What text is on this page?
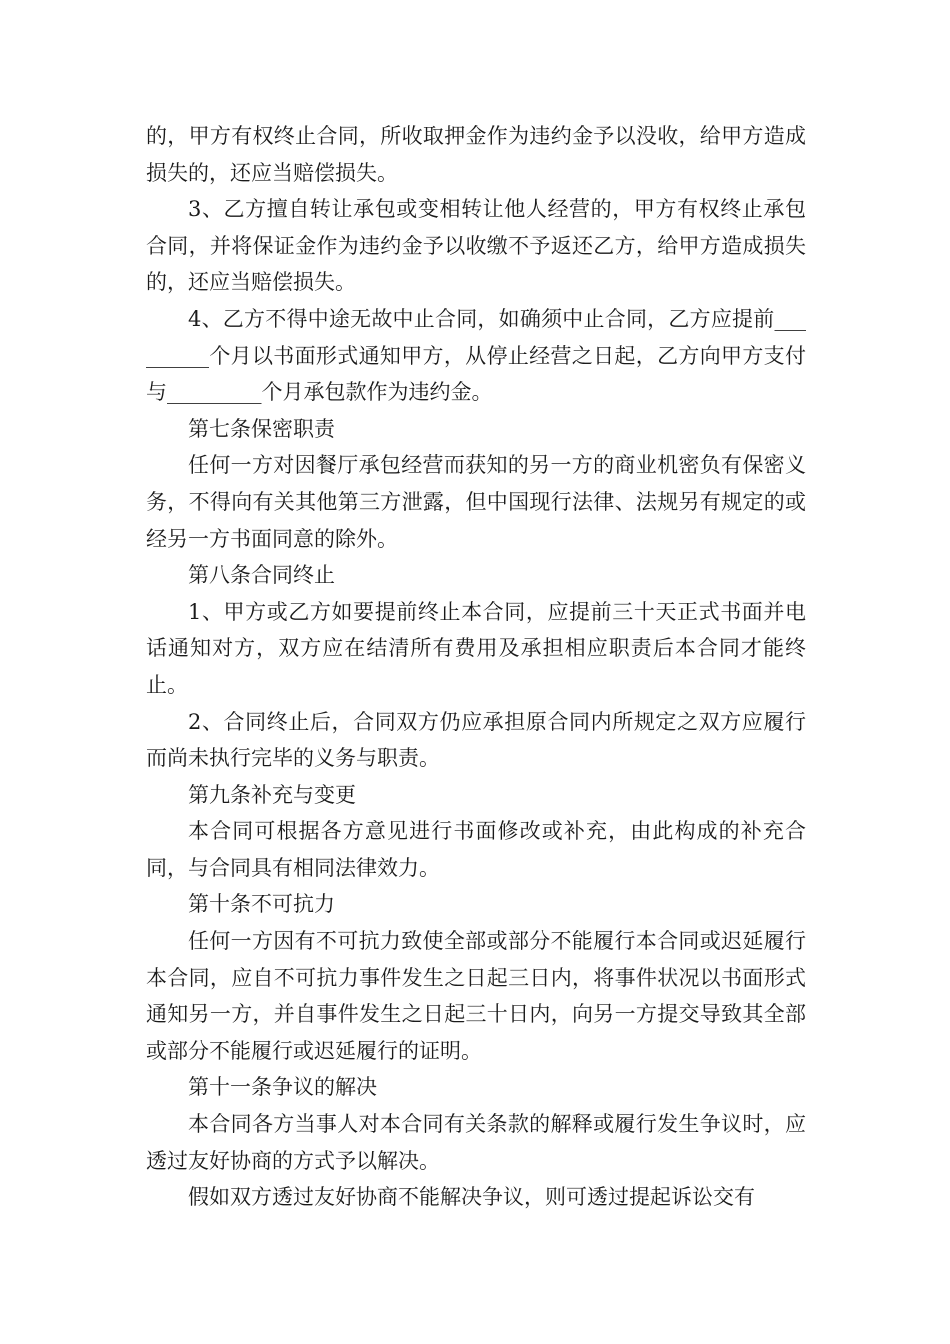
的，甲方有权终止合同，所收取押金作为违约金予以没收，给甲方造成损失的，还应当赔偿损失。

3、乙方擅自转让承包或变相转让他人经营的，甲方有权终止承包合同，并将保证金作为违约金予以收缴不予返还乙方，给甲方造成损失的，还应当赔偿损失。

4、乙方不得中途无故中止合同，如确须中止合同，乙方应提前_________个月以书面形式通知甲方，从停止经营之日起，乙方向甲方支付与_________个月承包款作为违约金。

第七条保密职责

任何一方对因餐厅承包经营而获知的另一方的商业机密负有保密义务，不得向有关其他第三方泄露，但中国现行法律、法规另有规定的或经另一方书面同意的除外。

第八条合同终止

1、甲方或乙方如要提前终止本合同，应提前三十天正式书面并电话通知对方，双方应在结清所有费用及承担相应职责后本合同才能终止。

2、合同终止后，合同双方仍应承担原合同内所规定之双方应履行而尚未执行完毕的义务与职责。

第九条补充与变更

本合同可根据各方意见进行书面修改或补充，由此构成的补充合同，与合同具有相同法律效力。

第十条不可抗力

任何一方因有不可抗力致使全部或部分不能履行本合同或迟延履行本合同，应自不可抗力事件发生之日起三日内，将事件状况以书面形式通知另一方，并自事件发生之日起三十日内，向另一方提交导致其全部或部分不能履行或迟延履行的证明。

第十一条争议的解决

本合同各方当事人对本合同有关条款的解释或履行发生争议时，应透过友好协商的方式予以解决。

假如双方透过友好协商不能解决争议，则可透过提起诉讼交有
